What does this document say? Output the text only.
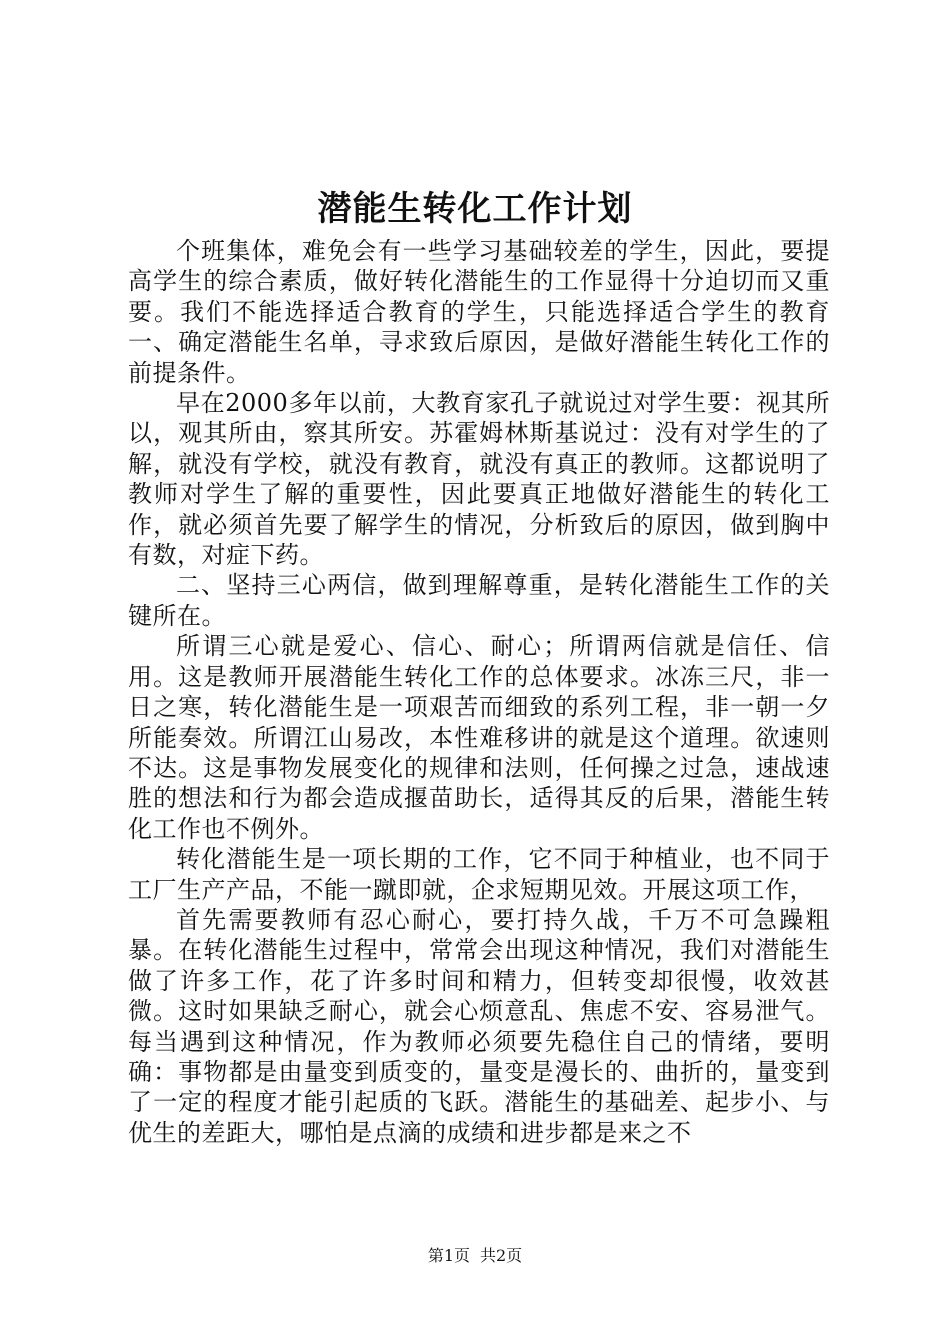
潜能生转化工作计划

个班集体，难免会有一些学习基础较差的学生，因此，要提高学生的综合素质，做好转化潜能生的工作显得十分迫切而又重要。我们不能选择适合教育的学生，只能选择适合学生的教育一、确定潜能生名单，寻求致后原因，是做好潜能生转化工作的前提条件。

早在2000多年以前，大教育家孔子就说过对学生要：视其所以，观其所由，察其所安。苏霍姆林斯基说过：没有对学生的了解，就没有学校，就没有教育，就没有真正的教师。这都说明了教师对学生了解的重要性，因此要真正地做好潜能生的转化工作，就必须首先要了解学生的情况，分析致后的原因，做到胸中有数，对症下药。

二、坚持三心两信，做到理解尊重，是转化潜能生工作的关键所在。

所谓三心就是爱心、信心、耐心；所谓两信就是信任、信用。这是教师开展潜能生转化工作的总体要求。冰冻三尺，非一日之寒，转化潜能生是一项艰苦而细致的系列工程，非一朝一夕所能奏效。所谓江山易改，本性难移讲的就是这个道理。欲速则不达。这是事物发展变化的规律和法则，任何操之过急，速战速胜的想法和行为都会造成揠苗助长，适得其反的后果，潜能生转化工作也不例外。

转化潜能生是一项长期的工作，它不同于种植业，也不同于工厂生产产品，不能一蹴即就，企求短期见效。开展这项工作，

首先需要教师有忍心耐心，要打持久战，千万不可急躁粗暴。在转化潜能生过程中，常常会出现这种情况，我们对潜能生做了许多工作，花了许多时间和精力，但转变却很慢，收效甚微。这时如果缺乏耐心，就会心烦意乱、焦虑不安、容易泄气。每当遇到这种情况，作为教师必须要先稳住自己的情绪，要明确：事物都是由量变到质变的，量变是漫长的、曲折的，量变到了一定的程度才能引起质的飞跃。潜能生的基础差、起步小、与优生的差距大，哪怕是点滴的成绩和进步都是来之不

第1页 共2页
